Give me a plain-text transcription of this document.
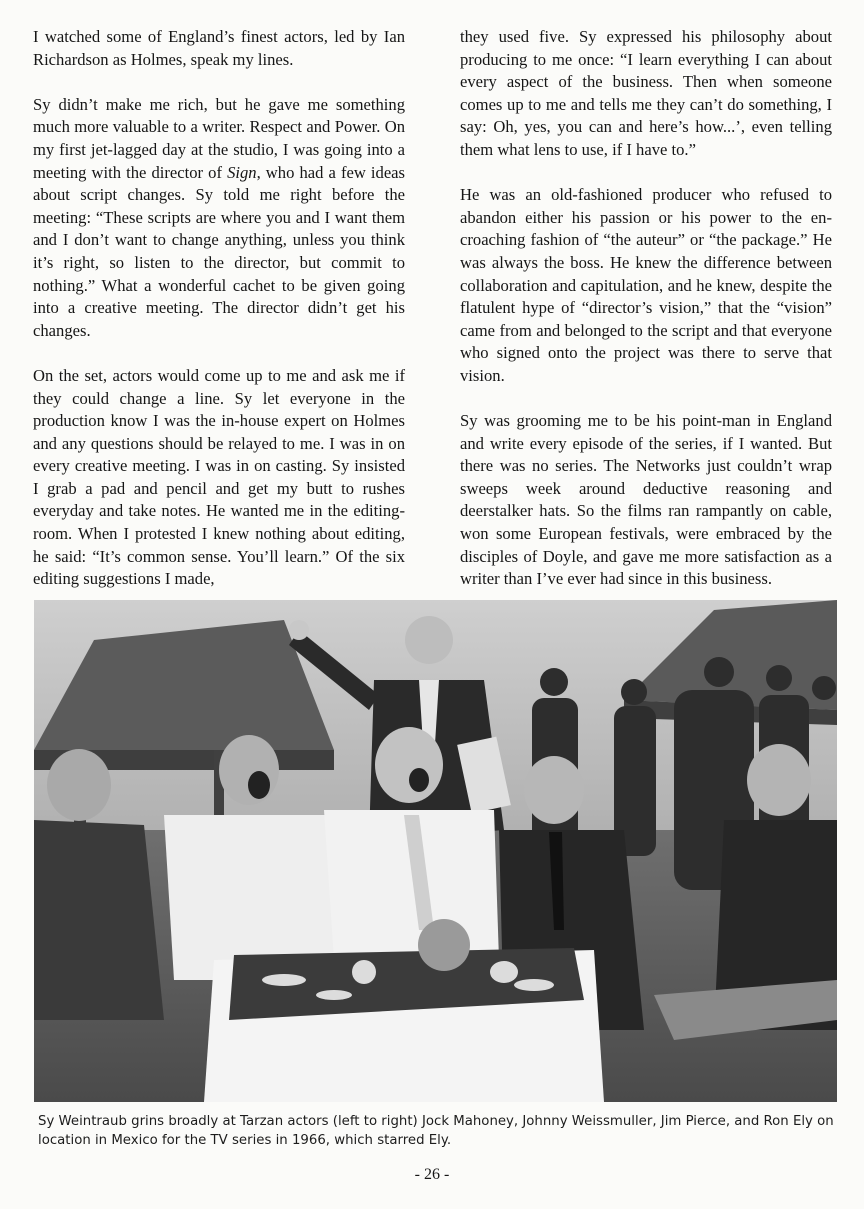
I watched some of England’s finest actors, led by Ian Richardson as Holmes, speak my lines.

Sy didn’t make me rich, but he gave me something much more valuable to a writer. Respect and Power. On my first jet-lagged day at the studio, I was going into a meeting with the director of Sign, who had a few ideas about script changes. Sy told me right before the meeting: “These scripts are where you and I want them and I don’t want to change anything, unless you think it’s right, so listen to the director, but commit to nothing.” What a wonderful cachet to be given going into a creative meeting. The director didn’t get his changes.

On the set, actors would come up to me and ask me if they could change a line. Sy let everyone in the production know I was the in-house expert on Holmes and any questions should be relayed to me. I was in on every creative meeting. I was in on casting. Sy insisted I grab a pad and pencil and get my butt to rushes everyday and take notes. He wanted me in the editing-room. When I protested I knew nothing about editing, he said: “It’s common sense. You’ll learn.” Of the six editing suggestions I made,

they used five. Sy expressed his philosophy about producing to me once: “I learn everything I can about every aspect of the business. Then when someone comes up to me and tells me they can’t do something, I say: Oh, yes, you can and here’s how...’, even telling them what lens to use, if I have to.”

He was an old-fashioned producer who refused to abandon either his passion or his power to the encroaching fashion of “the auteur” or “the package.” He was always the boss. He knew the difference between collaboration and capitulation, and he knew, despite the flatulent hype of “director’s vision,” that the “vision” came from and belonged to the script and that everyone who signed onto the project was there to serve that vision.

Sy was grooming me to be his point-man in England and write every episode of the series, if I wanted. But there was no series. The Networks just couldn’t wrap sweeps week around deductive reasoning and deerstalker hats. So the films ran rampantly on cable, won some European festivals, were embraced by the disciples of Doyle, and gave me more satisfaction as a writer than I’ve ever had since in this business.

Sy Weintraub grins broadly at Tarzan actors (left to right) Jock Mahoney, Johnny Weissmuller, Jim Pierce, and Ron Ely on location in Mexico for the TV series in 1966, which starred Ely.
- 26 -
